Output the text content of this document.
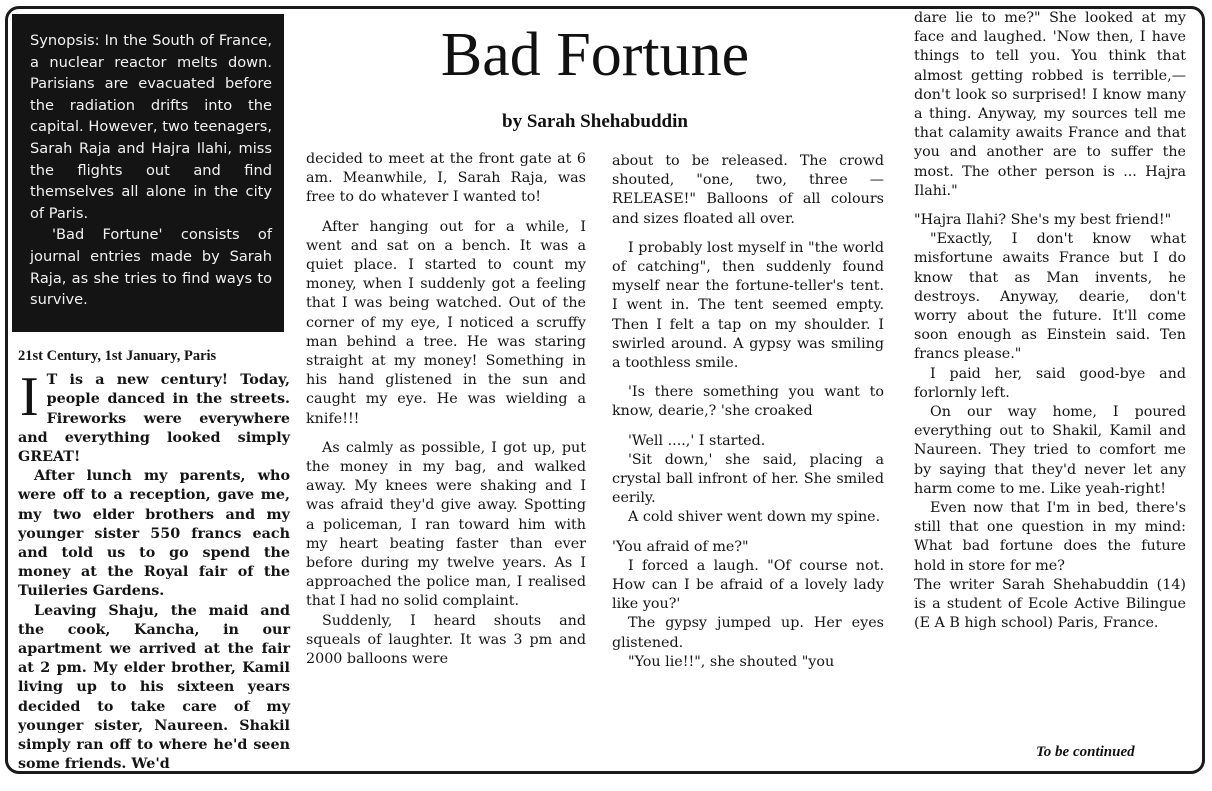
Synopsis: In the South of France, a nuclear reactor melts down. Parisians are evacuated before the radiation drifts into the capital. However, two teenagers, Sarah Raja and Hajra Ilahi, miss the flights out and find themselves all alone in the city of Paris.

'Bad Fortune' consists of journal entries made by Sarah Raja, as she tries to find ways to survive.

Bad Fortune
by Sarah Shehabuddin
21st Century, 1st January, Paris

I T is a new century! Today, people danced in the streets. Fireworks were everywhere and everything looked simply GREAT!

After lunch my parents, who were off to a reception, gave me, my two elder brothers and my younger sister 550 francs each and told us to go spend the money at the Royal fair of the Tuileries Gardens.

Leaving Shaju, the maid and the cook, Kancha, in our apartment we arrived at the fair at 2 pm. My elder brother, Kamil living up to his sixteen years decided to take care of my younger sister, Naureen. Shakil simply ran off to where he'd seen some friends. We'd

decided to meet at the front gate at 6 am. Meanwhile, I, Sarah Raja, was free to do whatever I wanted to!

After hanging out for a while, I went and sat on a bench. It was a quiet place. I started to count my money, when I suddenly got a feeling that I was being watched. Out of the corner of my eye, I noticed a scruffy man behind a tree. He was staring straight at my money! Something in his hand glistened in the sun and caught my eye. He was wielding a knife!!!

As calmly as possible, I got up, put the money in my bag, and walked away. My knees were shaking and I was afraid they'd give away. Spotting a policeman, I ran toward him with my heart beating faster than ever before during my twelve years. As I approached the police man, I realised that I had no solid complaint.

Suddenly, I heard shouts and squeals of laughter. It was 3 pm and 2000 balloons were

about to be released. The crowd shouted, "one, two, three — RELEASE!" Balloons of all colours and sizes floated all over.

I probably lost myself in "the world of catching", then suddenly found myself near the fortune-teller's tent. I went in. The tent seemed empty. Then I felt a tap on my shoulder. I swirled around. A gypsy was smiling a toothless smile.

'Is there something you want to know, dearie,? 'she croaked

'Well ....,' I started.

'Sit down,' she said, placing a crystal ball infront of her. She smiled eerily.

A cold shiver went down my spine.

'You afraid of me?"

I forced a laugh. "Of course not. How can I be afraid of a lovely lady like you?'

The gypsy jumped up. Her eyes glistened.

"You lie!!", she shouted "you

dare lie to me?" She looked at my face and laughed. 'Now then, I have things to tell you. You think that almost getting robbed is terrible,— don't look so surprised! I know many a thing. Anyway, my sources tell me that calamity awaits France and that you and another are to suffer the most. The other person is ... Hajra Ilahi."

"Hajra Ilahi? She's my best friend!"

"Exactly, I don't know what misfortune awaits France but I do know that as Man invents, he destroys. Anyway, dearie, don't worry about the future. It'll come soon enough as Einstein said. Ten francs please."

I paid her, said good-bye and forlornly left.

On our way home, I poured everything out to Shakil, Kamil and Naureen. They tried to comfort me by saying that they'd never let any harm come to me. Like yeah-right!

Even now that I'm in bed, there's still that one question in my mind: What bad fortune does the future hold in store for me?

The writer Sarah Shehabuddin (14) is a student of Ecole Active Bilingue (E A B high school) Paris, France.

To be continued
